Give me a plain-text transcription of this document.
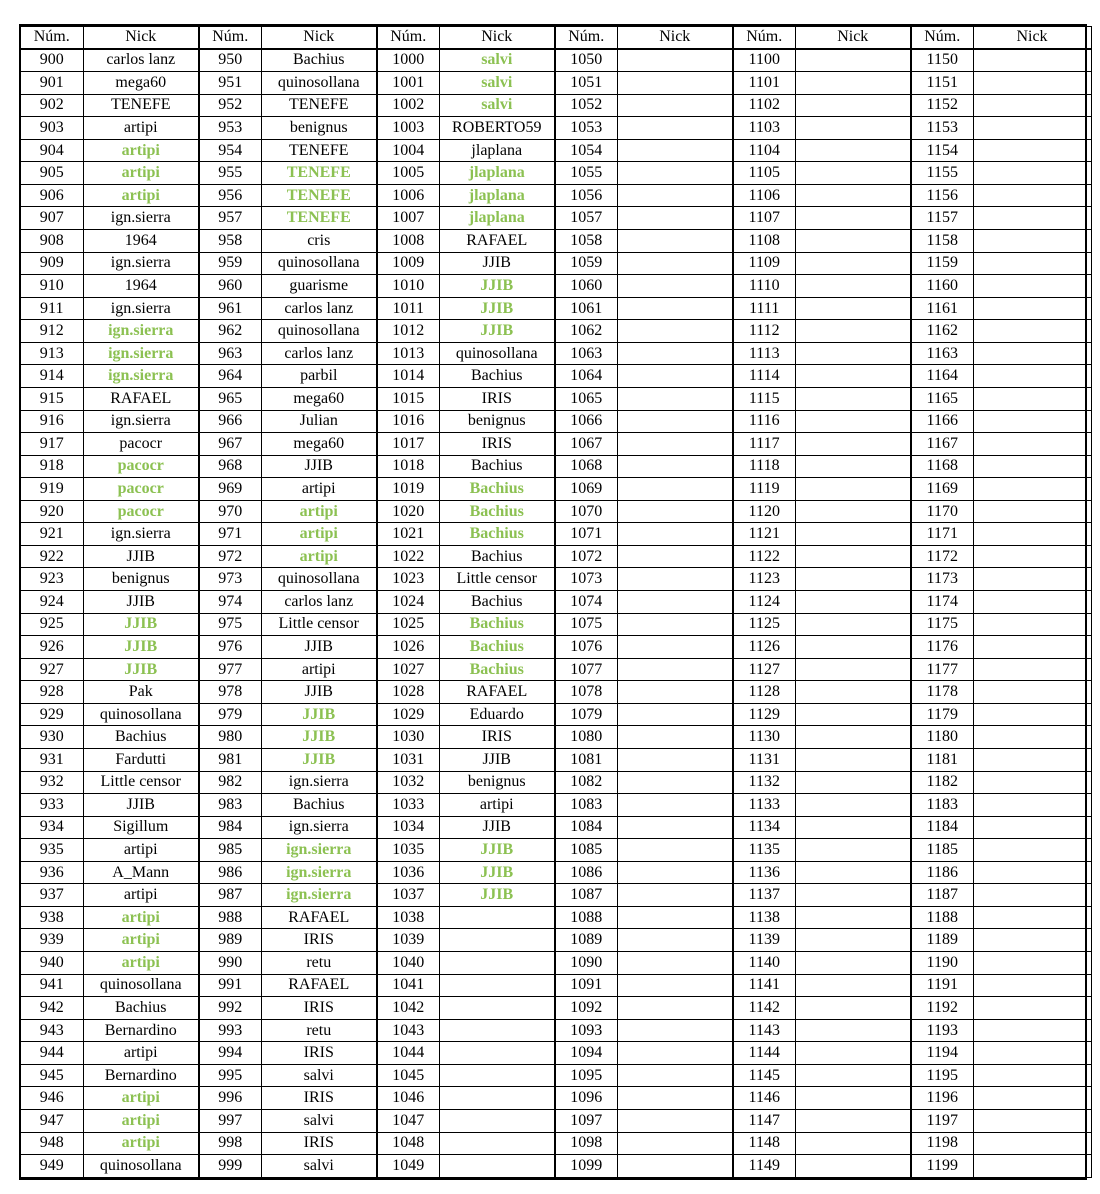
Núm.	Nick	Núm.	Nick	Núm.	Nick	Núm.	Nick	Núm.	Nick	Núm.	Nick
900	carlos lanz	950	Bachius	1000	salvi	1050		1100		1150	
901	mega60	951	quinosollana	1001	salvi	1051		1101		1151	
902	TENEFE	952	TENEFE	1002	salvi	1052		1102		1152	
903	artipi	953	benignus	1003	ROBERTO59	1053		1103		1153	
904	artipi	954	TENEFE	1004	jlaplana	1054		1104		1154	
905	artipi	955	TENEFE	1005	jlaplana	1055		1105		1155	
906	artipi	956	TENEFE	1006	jlaplana	1056		1106		1156	
907	ign.sierra	957	TENEFE	1007	jlaplana	1057		1107		1157	
908	1964	958	cris	1008	RAFAEL	1058		1108		1158	
909	ign.sierra	959	quinosollana	1009	JJIB	1059		1109		1159	
910	1964	960	guarisme	1010	JJIB	1060		1110		1160	
911	ign.sierra	961	carlos lanz	1011	JJIB	1061		1111		1161	
912	ign.sierra	962	quinosollana	1012	JJIB	1062		1112		1162	
913	ign.sierra	963	carlos lanz	1013	quinosollana	1063		1113		1163	
914	ign.sierra	964	parbil	1014	Bachius	1064		1114		1164	
915	RAFAEL	965	mega60	1015	IRIS	1065		1115		1165	
916	ign.sierra	966	Julian	1016	benignus	1066		1116		1166	
917	pacocr	967	mega60	1017	IRIS	1067		1117		1167	
918	pacocr	968	JJIB	1018	Bachius	1068		1118		1168	
919	pacocr	969	artipi	1019	Bachius	1069		1119		1169	
920	pacocr	970	artipi	1020	Bachius	1070		1120		1170	
921	ign.sierra	971	artipi	1021	Bachius	1071		1121		1171	
922	JJIB	972	artipi	1022	Bachius	1072		1122		1172	
923	benignus	973	quinosollana	1023	Little censor	1073		1123		1173	
924	JJIB	974	carlos lanz	1024	Bachius	1074		1124		1174	
925	JJIB	975	Little censor	1025	Bachius	1075		1125		1175	
926	JJIB	976	JJIB	1026	Bachius	1076		1126		1176	
927	JJIB	977	artipi	1027	Bachius	1077		1127		1177	
928	Pak	978	JJIB	1028	RAFAEL	1078		1128		1178	
929	quinosollana	979	JJIB	1029	Eduardo	1079		1129		1179	
930	Bachius	980	JJIB	1030	IRIS	1080		1130		1180	
931	Fardutti	981	JJIB	1031	JJIB	1081		1131		1181	
932	Little censor	982	ign.sierra	1032	benignus	1082		1132		1182	
933	JJIB	983	Bachius	1033	artipi	1083		1133		1183	
934	Sigillum	984	ign.sierra	1034	JJIB	1084		1134		1184	
935	artipi	985	ign.sierra	1035	JJIB	1085		1135		1185	
936	A_Mann	986	ign.sierra	1036	JJIB	1086		1136		1186	
937	artipi	987	ign.sierra	1037	JJIB	1087		1137		1187	
938	artipi	988	RAFAEL	1038		1088		1138		1188	
939	artipi	989	IRIS	1039		1089		1139		1189	
940	artipi	990	retu	1040		1090		1140		1190	
941	quinosollana	991	RAFAEL	1041		1091		1141		1191	
942	Bachius	992	IRIS	1042		1092		1142		1192	
943	Bernardino	993	retu	1043		1093		1143		1193	
944	artipi	994	IRIS	1044		1094		1144		1194	
945	Bernardino	995	salvi	1045		1095		1145		1195	
946	artipi	996	IRIS	1046		1096		1146		1196	
947	artipi	997	salvi	1047		1097		1147		1197	
948	artipi	998	IRIS	1048		1098		1148		1198	
949	quinosollana	999	salvi	1049		1099		1149		1199	
